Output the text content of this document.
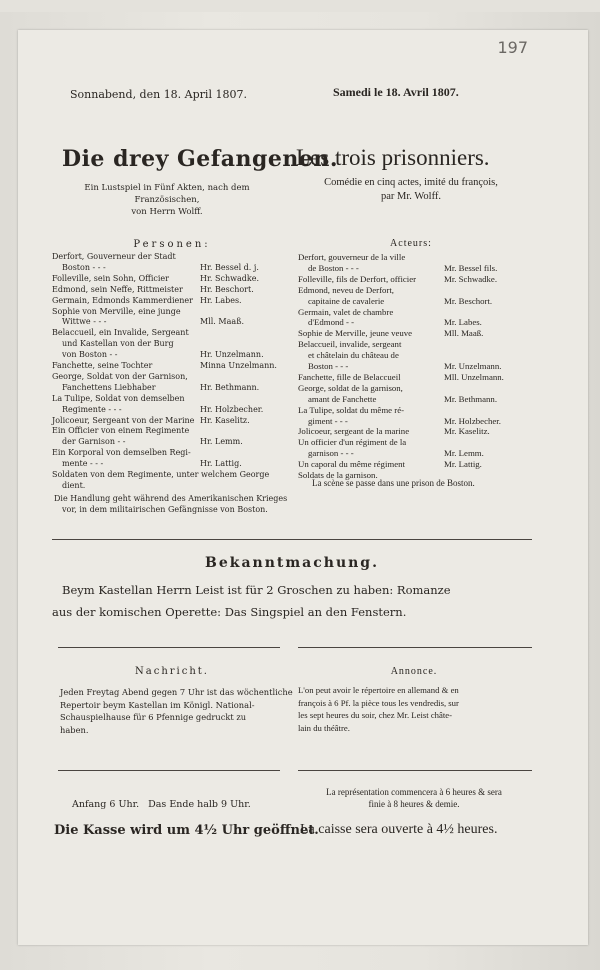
197
Sonnabend, den 18. April 1807.	Samedi le 18. Avril 1807.
Die drey Gefangenen.
Les trois prisonniers.
Ein Lustspiel in Fünf Akten, nach dem Französischen,
von Herrn Wolff.
Comédie en cinq actes, imité du françois,
par Mr. Wolff.
Personen:	Acteurs:
Derfort, Gouverneur der Stadt
Boston - - -	Hr. Bessel d. j.
Folleville, sein Sohn, Officier	Hr. Schwadke.
Edmond, sein Neffe, Rittmeister Hr. Beschort.
Germain, Edmonds Kammerdiener Hr. Labes.
Sophie von Merville, eine junge
Wittwe - - -	Mll. Maaß.
Belaccueil, ein Invalide, Sergeant
und Kastellan von der Burg
von Boston - -	Hr. Unzelmann.
Fanchette, seine Tochter	Minna Unzelmann.
George, Soldat von der Garnison,
Fanchettens Liebhaber	Hr. Bethmann.
La Tulipe, Soldat von demselben
Regimente - - -	Hr. Holzbecher.
Jolicoeur, Sergeant von der Marine Hr. Kaselitz.
Ein Officier von einem Regimente
der Garnison - -	Hr. Lemm.
Ein Korporal von demselben Regi-
mente - - -	Hr. Lattig.
Soldaten von dem Regimente, unter welchem George
dient.
Derfort, gouverneur de la ville
de Boston - - -	Mr. Bessel fils.
Folleville, fils de Derfort, officier	Mr. Schwadke.
Edmond, neveu de Derfort,
capitaine de cavalerie	Mr. Beschort.
Germain, valet de chambre
d'Edmond - -	Mr. Labes.
Sophie de Merville, jeune veuve	Mll. Maaß.
Belaccueil, invalide, sergeant
et châtelain du château de
Boston - - -	Mr. Unzelmann.
Fanchette, fille de Belaccueil	Mll. Unzelmann.
George, soldat de la garnison,
amant de Fanchette	Mr. Bethmann.
La Tulipe, soldat du même ré-
giment - - -	Mr. Holzbecher.
Jolicoeur, sergeant de la marine	Mr. Kaselitz.
Un officier d'un régiment de la
garnison - - -	Mr. Lemm.
Un caporal du même régiment	Mr. Lattig.
Soldats de la garnison.
Die Handlung geht während des Amerikanischen Krieges
vor, in dem militairischen Gefängnisse von Boston.
La scène se passe dans une prison de Boston.
Bekanntmachung.
Beym Kastellan Herrn Leist ist für 2 Groschen zu haben: Romanze
aus der komischen Operette: Das Singspiel an den Fenstern.
Nachricht.	Annonce.
Jeden Freytag Abend gegen 7 Uhr ist das wöchentliche
Repertoir beym Kastellan im Königl. National-
Schauspielhause für 6 Pfennige gedruckt zu
haben.
L'on peut avoir le répertoire en allemand & en
françois à 6 Pf. la pièce tous les vendredis, sur
les sept heures du soir, chez Mr. Leist châte-
lain du théâtre.
Anfang 6 Uhr.   Das Ende halb 9 Uhr.
La représentation commencera à 6 heures & sera
finie à 8 heures & demie.
Die Kasse wird um 4½ Uhr geöffnet.
La caisse sera ouverte à 4½ heures.
